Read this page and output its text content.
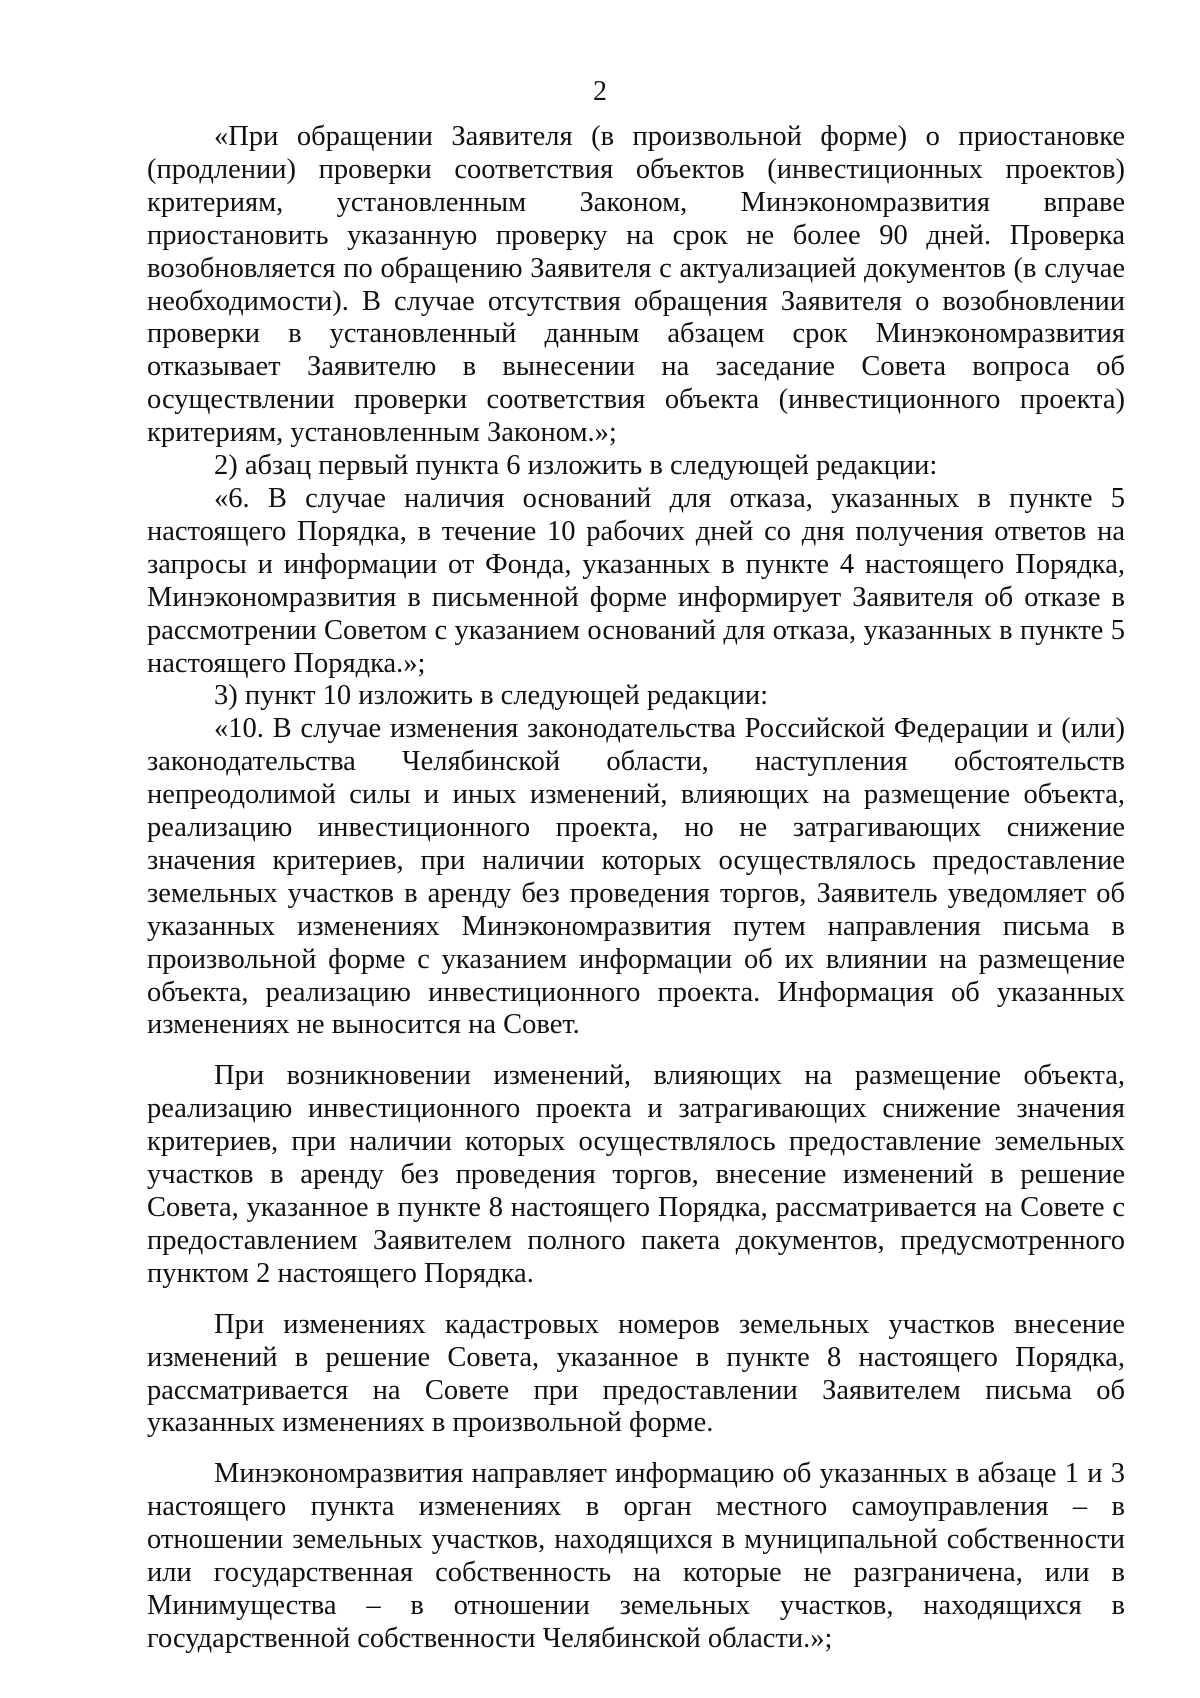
2

«При обращении Заявителя (в произвольной форме) о приостановке (продлении) проверки соответствия объектов (инвестиционных проектов) критериям, установленным Законом, Минэкономразвития вправе приостановить указанную проверку на срок не более 90 дней. Проверка возобновляется по обращению Заявителя с актуализацией документов (в случае необходимости). В случае отсутствия обращения Заявителя о возобновлении проверки в установленный данным абзацем срок Минэкономразвития отказывает Заявителю в вынесении на заседание Совета вопроса об осуществлении проверки соответствия объекта (инвестиционного проекта) критериям, установленным Законом.»;

2) абзац первый пункта 6 изложить в следующей редакции:

«6. В случае наличия оснований для отказа, указанных в пункте 5 настоящего Порядка, в течение 10 рабочих дней со дня получения ответов на запросы и информации от Фонда, указанных в пункте 4 настоящего Порядка, Минэкономразвития в письменной форме информирует Заявителя об отказе в рассмотрении Советом с указанием оснований для отказа, указанных в пункте 5 настоящего Порядка.»;

3) пункт 10 изложить в следующей редакции:

«10. В случае изменения законодательства Российской Федерации и (или) законодательства Челябинской области, наступления обстоятельств непреодолимой силы и иных изменений, влияющих на размещение объекта, реализацию инвестиционного проекта, но не затрагивающих снижение значения критериев, при наличии которых осуществлялось предоставление земельных участков в аренду без проведения торгов, Заявитель уведомляет об указанных изменениях Минэкономразвития путем направления письма в произвольной форме с указанием информации об их влиянии на размещение объекта, реализацию инвестиционного проекта. Информация об указанных изменениях не выносится на Совет.

При возникновении изменений, влияющих на размещение объекта, реализацию инвестиционного проекта и затрагивающих снижение значения критериев, при наличии которых осуществлялось предоставление земельных участков в аренду без проведения торгов, внесение изменений в решение Совета, указанное в пункте 8 настоящего Порядка, рассматривается на Совете с предоставлением Заявителем полного пакета документов, предусмотренного пунктом 2 настоящего Порядка.

При изменениях кадастровых номеров земельных участков внесение изменений в решение Совета, указанное в пункте 8 настоящего Порядка, рассматривается на Совете при предоставлении Заявителем письма об указанных изменениях в произвольной форме.

Минэкономразвития направляет информацию об указанных в абзаце 1 и 3 настоящего пункта изменениях в орган местного самоуправления – в отношении земельных участков, находящихся в муниципальной собственности или государственная собственность на которые не разграничена, или в Минимущества – в отношении земельных участков, находящихся в государственной собственности Челябинской области.»;
